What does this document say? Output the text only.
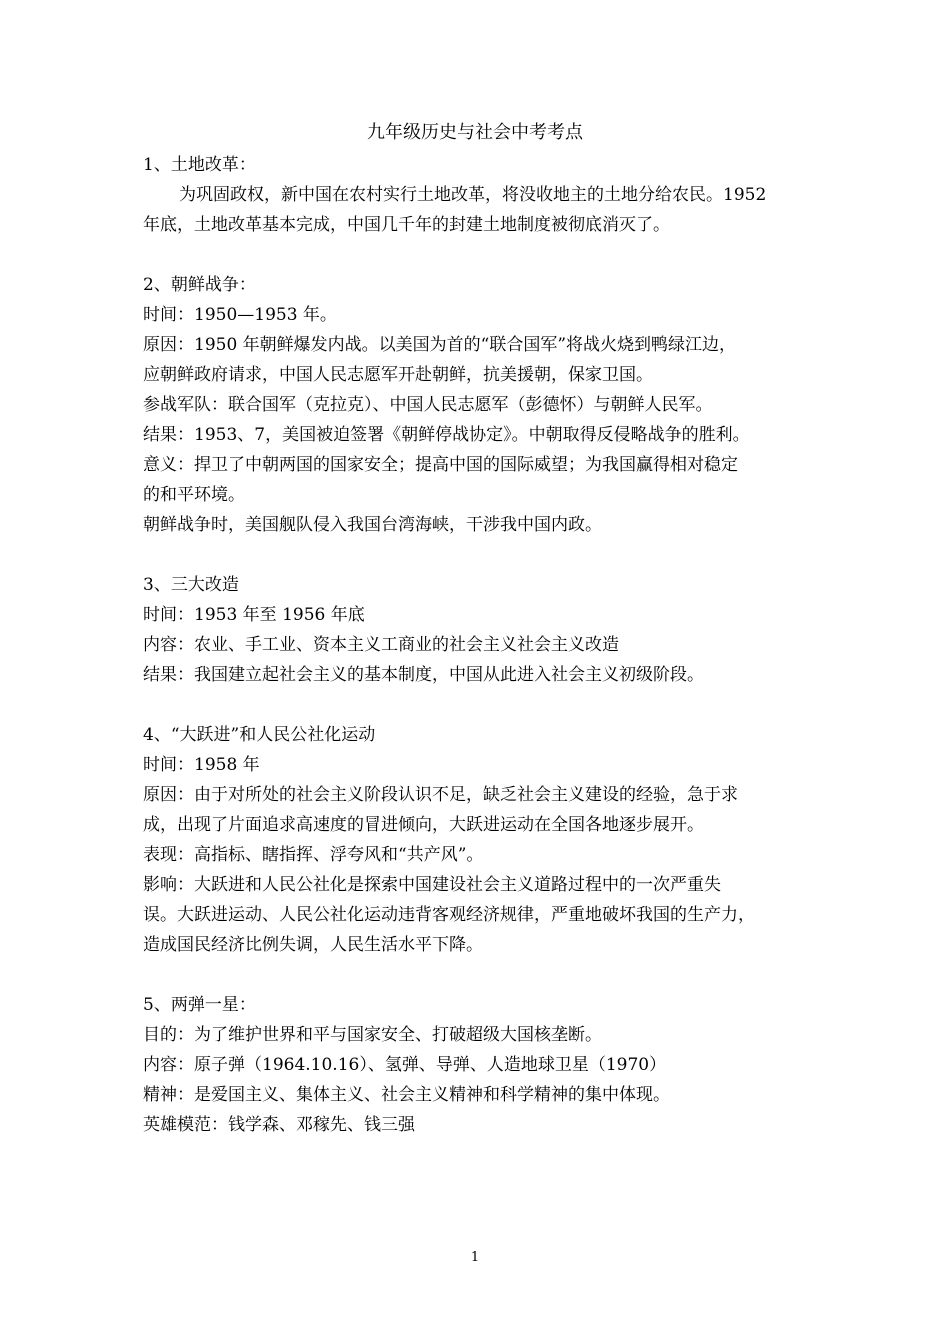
九年级历史与社会中考考点
1、土地改革：
为巩固政权，新中国在农村实行土地改革，将没收地主的土地分给农民。1952
年底，土地改革基本完成，中国几千年的封建土地制度被彻底消灭了。
2、朝鲜战争：
时间：1950—1953 年。
原因：1950 年朝鲜爆发内战。以美国为首的“联合国军”将战火烧到鸭绿江边，
应朝鲜政府请求，中国人民志愿军开赴朝鲜，抗美援朝，保家卫国。
参战军队：联合国军（克拉克）、中国人民志愿军（彭德怀）与朝鲜人民军。
结果：1953、7，美国被迫签署《朝鲜停战协定》。中朝取得反侵略战争的胜利。
意义：捍卫了中朝两国的国家安全；提高中国的国际威望；为我国赢得相对稳定
的和平环境。
朝鲜战争时，美国舰队侵入我国台湾海峡，干涉我中国内政。
3、三大改造
时间：1953 年至 1956 年底
内容：农业、手工业、资本主义工商业的社会主义社会主义改造
结果：我国建立起社会主义的基本制度，中国从此进入社会主义初级阶段。
4、“大跃进”和人民公社化运动
时间：1958 年
原因：由于对所处的社会主义阶段认识不足，缺乏社会主义建设的经验，急于求
成，出现了片面追求高速度的冒进倾向，大跃进运动在全国各地逐步展开。
表现：高指标、瞎指挥、浮夸风和“共产风”。
影响：大跃进和人民公社化是探索中国建设社会主义道路过程中的一次严重失
误。大跃进运动、人民公社化运动违背客观经济规律，严重地破坏我国的生产力，
造成国民经济比例失调，人民生活水平下降。
5、两弹一星：
目的：为了维护世界和平与国家安全、打破超级大国核垄断。
内容：原子弹（1964.10.16）、氢弹、导弹、人造地球卫星（1970）
精神：是爱国主义、集体主义、社会主义精神和科学精神的集中体现。
英雄模范：钱学森、邓稼先、钱三强
1
